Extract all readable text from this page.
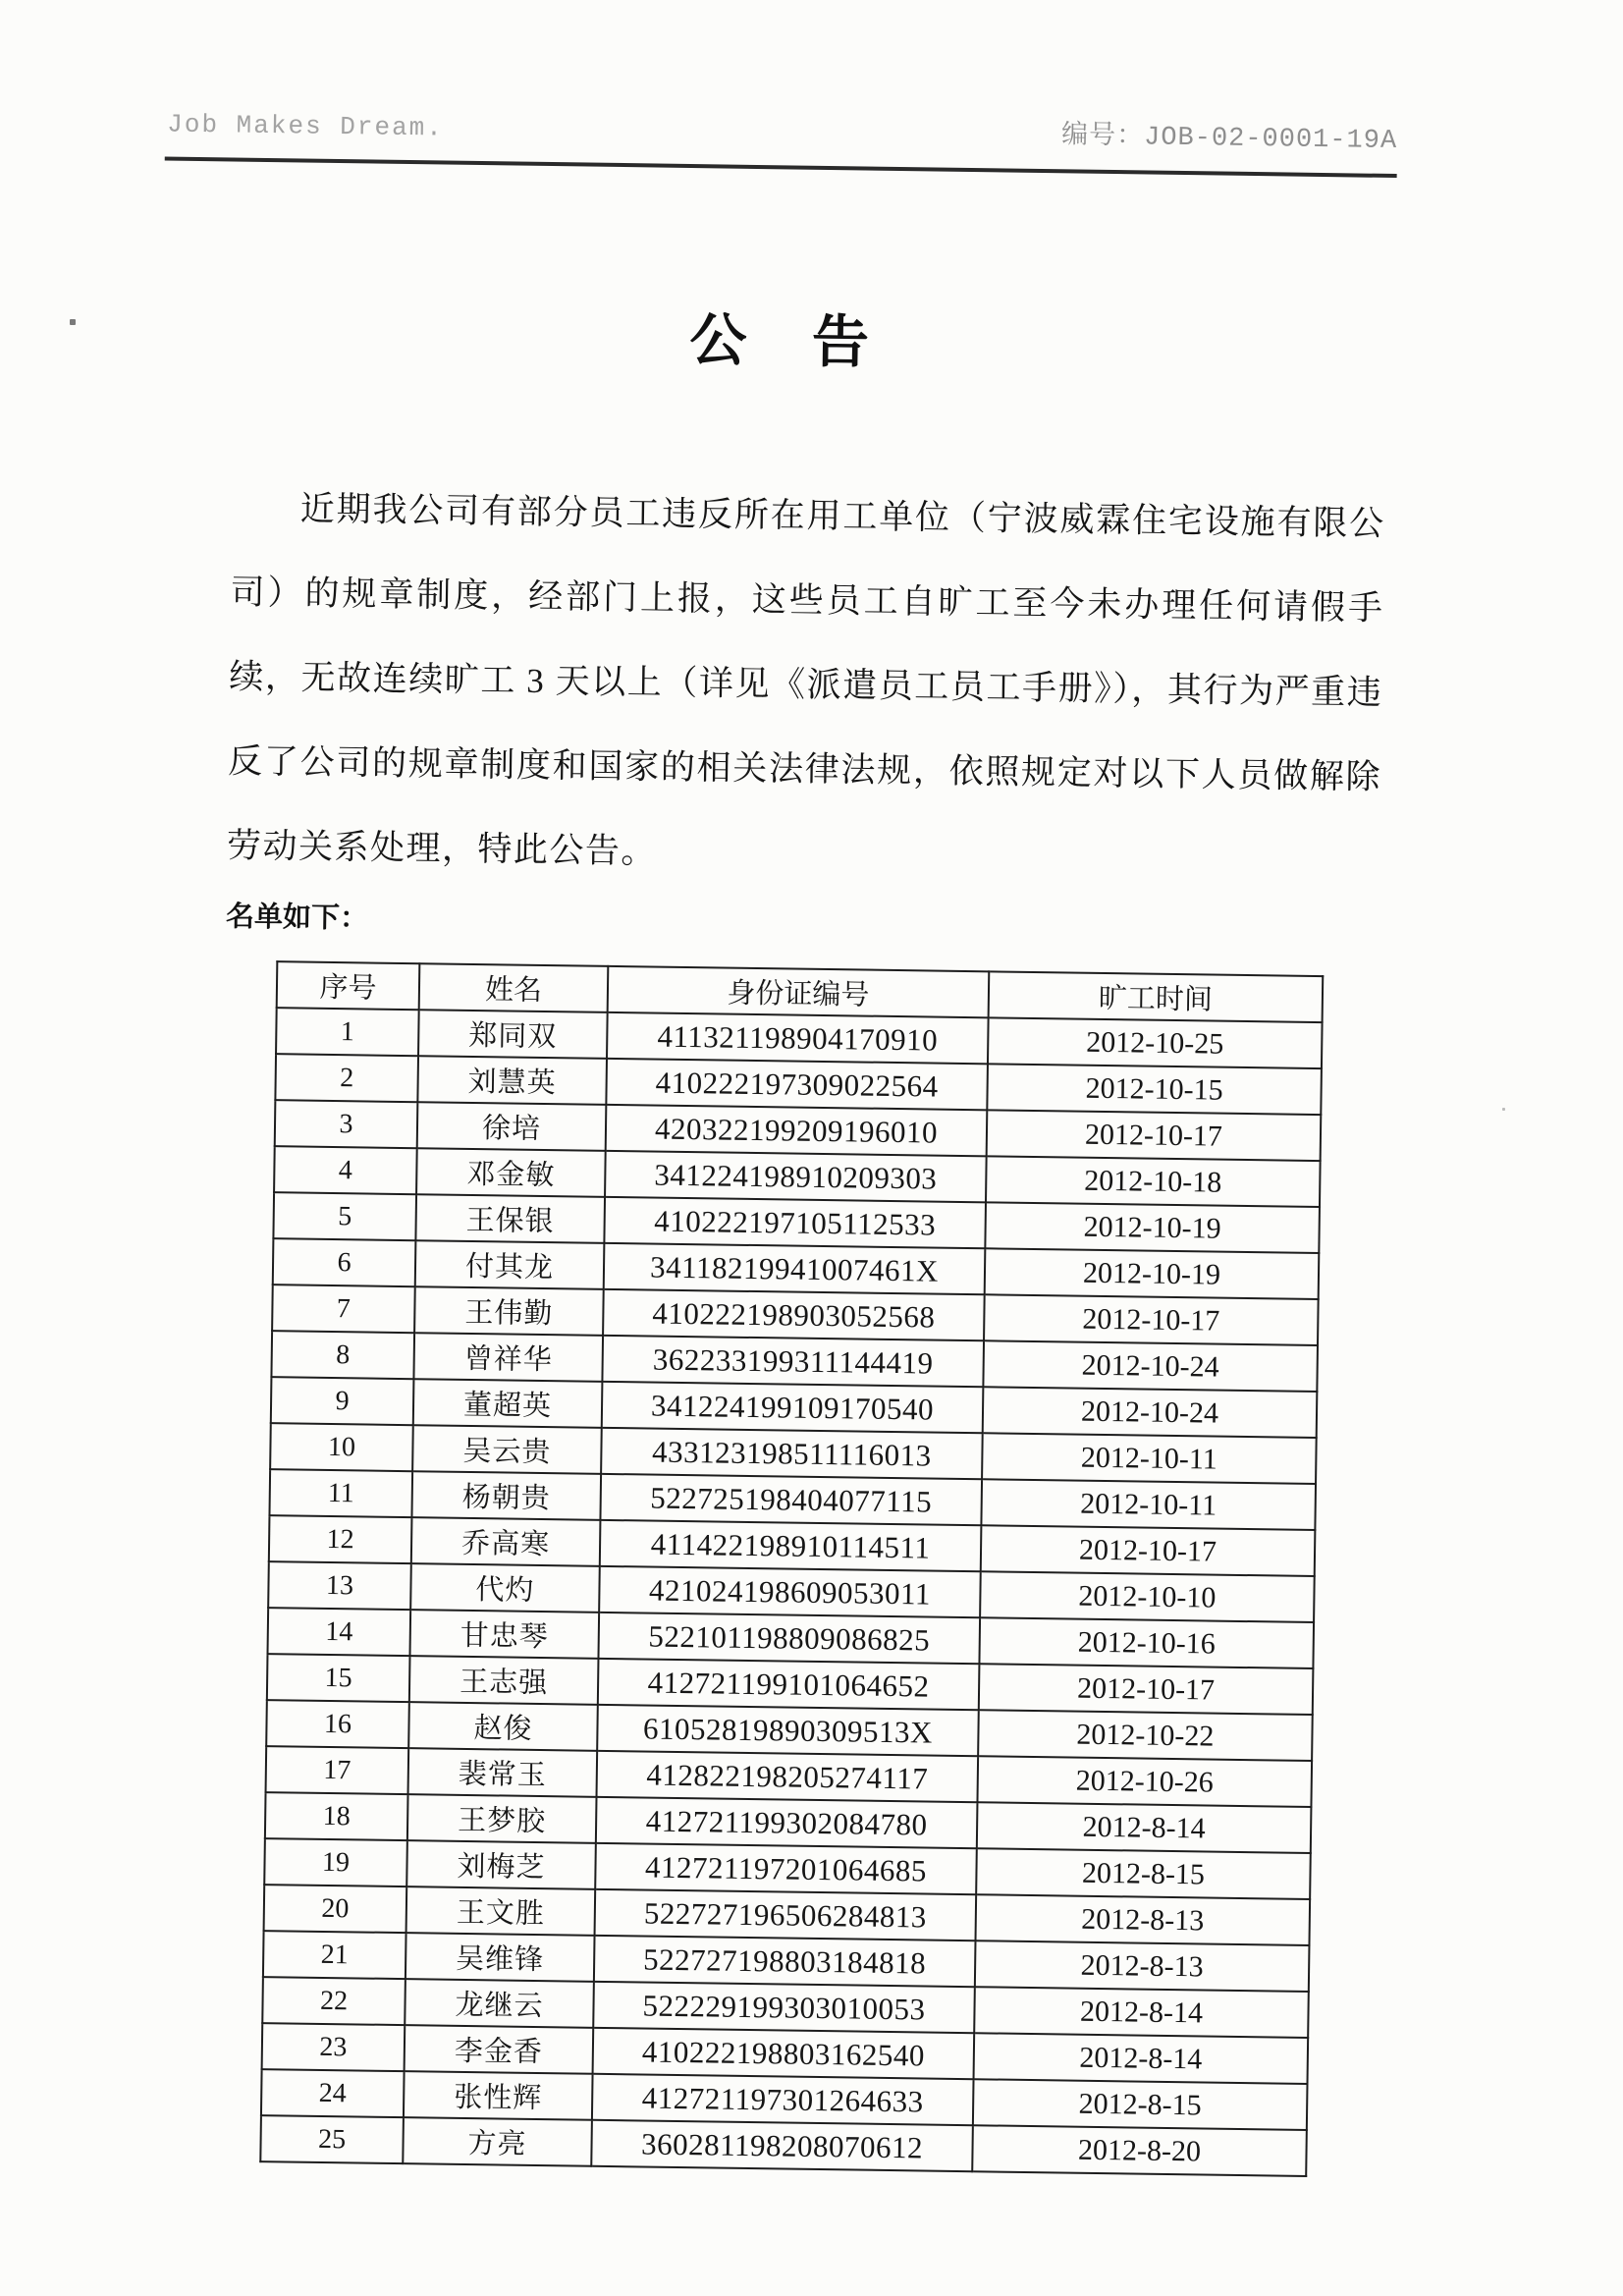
Job Makes Dream.	编号：JOB-02-0001-19A
公 告

近期我公司有部分员工违反所在用工单位（宁波威霖住宅设施有限公司）的规章制度，经部门上报，这些员工自旷工至今未办理任何请假手续，无故连续旷工 3 天以上（详见《派遣员工员工手册》），其行为严重违反了公司的规章制度和国家的相关法律法规，依照规定对以下人员做解除劳动关系处理，特此公告。

名单如下：
序号	姓名	身份证编号	旷工时间
1	郑同双	411321198904170910	2012-10-25
2	刘慧英	410222197309022564	2012-10-15
3	徐培	420322199209196010	2012-10-17
4	邓金敏	341224198910209303	2012-10-18
5	王保银	410222197105112533	2012-10-19
6	付其龙	34118219941007461X	2012-10-19
7	王伟勤	410222198903052568	2012-10-17
8	曾祥华	362233199311144419	2012-10-24
9	董超英	341224199109170540	2012-10-24
10	吴云贵	433123198511116013	2012-10-11
11	杨朝贵	522725198404077115	2012-10-11
12	乔高寒	411422198910114511	2012-10-17
13	代灼	421024198609053011	2012-10-10
14	甘忠琴	522101198809086825	2012-10-16
15	王志强	412721199101064652	2012-10-17
16	赵俊	61052819890309513X	2012-10-22
17	裴常玉	412822198205274117	2012-10-26
18	王梦胶	412721199302084780	2012-8-14
19	刘梅芝	412721197201064685	2012-8-15
20	王文胜	522727196506284813	2012-8-13
21	吴维锋	522727198803184818	2012-8-13
22	龙继云	522229199303010053	2012-8-14
23	李金香	410222198803162540	2012-8-14
24	张性辉	412721197301264633	2012-8-15
25	方亮	360281198208070612	2012-8-20
